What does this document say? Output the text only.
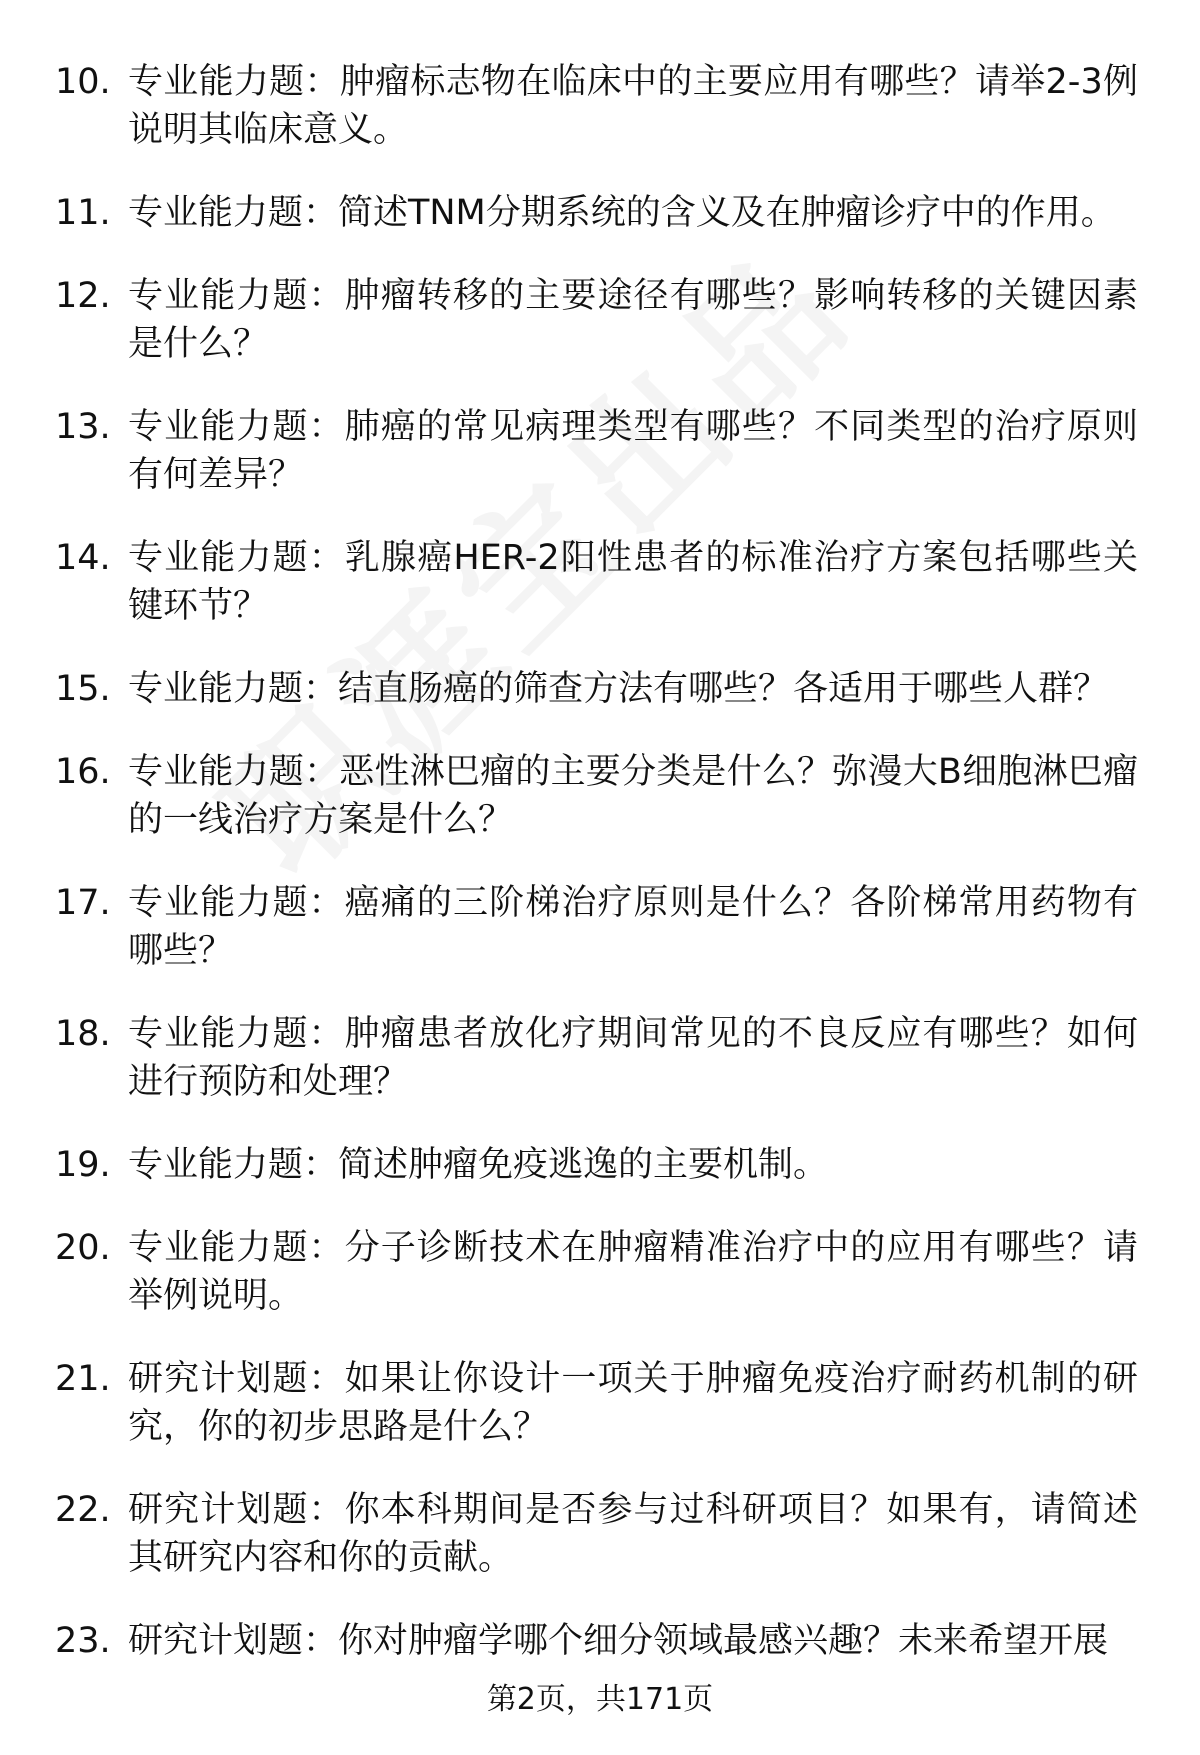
10. 专业能力题：肿瘤标志物在临床中的主要应用有哪些？请举2-3例说明其临床意义。
11. 专业能力题：简述TNM分期系统的含义及在肿瘤诊疗中的作用。
12. 专业能力题：肿瘤转移的主要途径有哪些？影响转移的关键因素是什么？
13. 专业能力题：肺癌的常见病理类型有哪些？不同类型的治疗原则有何差异？
14. 专业能力题：乳腺癌HER-2阳性患者的标准治疗方案包括哪些关键环节？
15. 专业能力题：结直肠癌的筛查方法有哪些？各适用于哪些人群？
16. 专业能力题：恶性淋巴瘤的主要分类是什么？弥漫大B细胞淋巴瘤的一线治疗方案是什么？
17. 专业能力题：癌痛的三阶梯治疗原则是什么？各阶梯常用药物有哪些？
18. 专业能力题：肿瘤患者放化疗期间常见的不良反应有哪些？如何进行预防和处理？
19. 专业能力题：简述肿瘤免疫逃逸的主要机制。
20. 专业能力题：分子诊断技术在肿瘤精准治疗中的应用有哪些？请举例说明。
21. 研究计划题：如果让你设计一项关于肿瘤免疫治疗耐药机制的研究，你的初步思路是什么？
22. 研究计划题：你本科期间是否参与过科研项目？如果有，请简述其研究内容和你的贡献。
23. 研究计划题：你对肿瘤学哪个细分领域最感兴趣？未来希望开展
第2页，共171页
